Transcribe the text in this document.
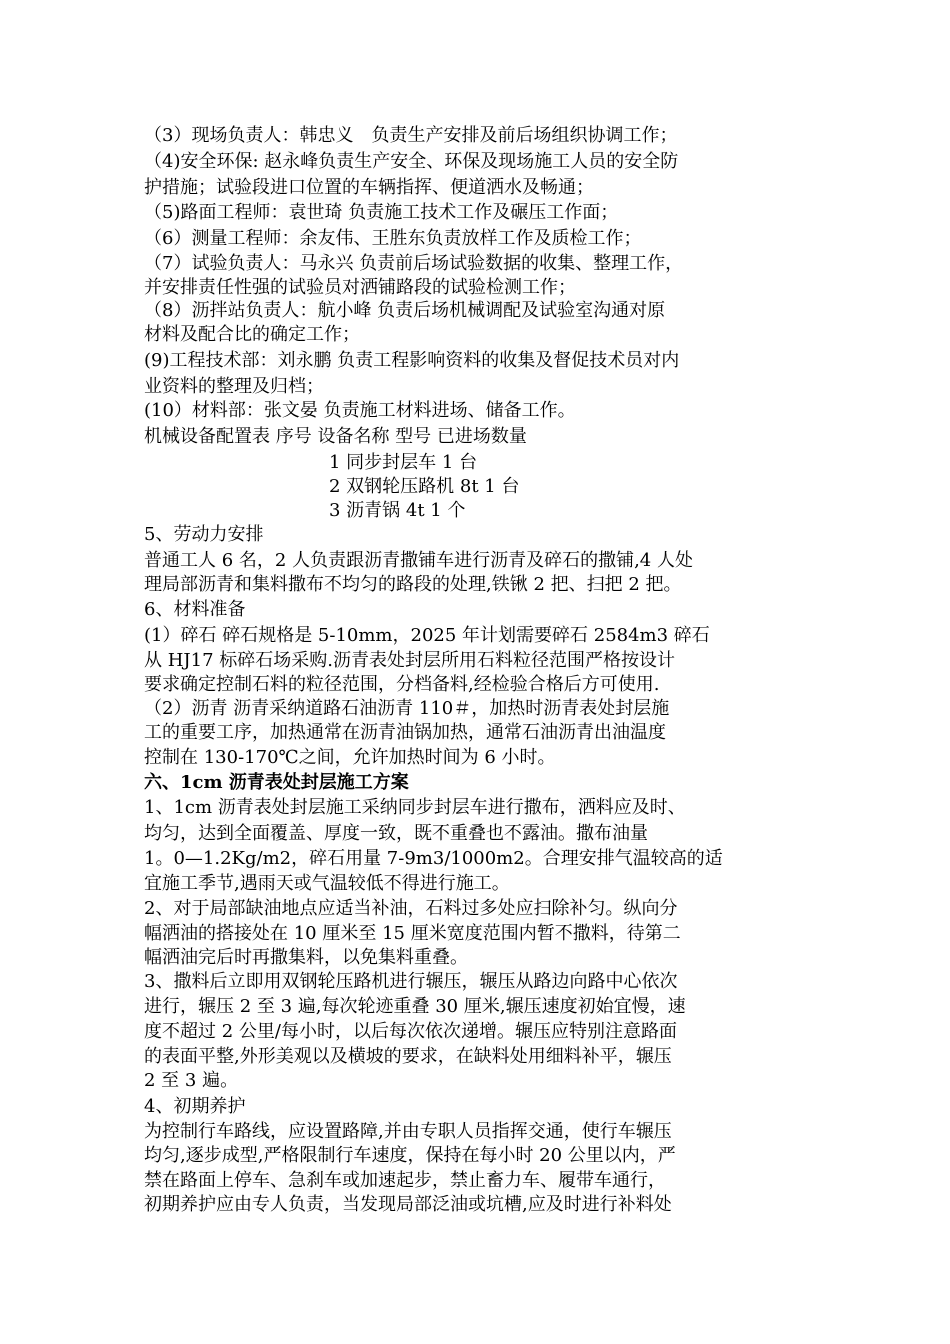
（3）现场负责人：韩忠义　负责生产安排及前后场组织协调工作；
（4)安全环保: 赵永峰负责生产安全、环保及现场施工人员的安全防
护措施；试验段进口位置的车辆指挥、便道洒水及畅通；
（5)路面工程师：袁世琦 负责施工技术工作及碾压工作面；
（6）测量工程师：余友伟、王胜东负责放样工作及质检工作；
（7）试验负责人：马永兴 负责前后场试验数据的收集、整理工作，
并安排责任性强的试验员对洒铺路段的试验检测工作；
（8）沥拌站负责人：航小峰 负责后场机械调配及试验室沟通对原
材料及配合比的确定工作；
(9)工程技术部：刘永鹏 负责工程影响资料的收集及督促技术员对内
业资料的整理及归档；
(10）材料部：张文晏 负责施工材料进场、储备工作。
机械设备配置表 序号 设备名称 型号 已进场数量
1 同步封层车 1 台
2 双钢轮压路机 8t 1 台
3 沥青锅 4t 1 个
5、劳动力安排
普通工人 6 名，2 人负责跟沥青撒铺车进行沥青及碎石的撒铺,4 人处
理局部沥青和集料撒布不均匀的路段的处理,铁锹 2 把、扫把 2 把。
6、材料准备
(1）碎石 碎石规格是 5-10mm，2025 年计划需要碎石 2584m3 碎石
从 HJ17 标碎石场采购.沥青表处封层所用石料粒径范围严格按设计
要求确定控制石料的粒径范围，分档备料,经检验合格后方可使用.
（2）沥青 沥青采纳道路石油沥青 110＃，加热时沥青表处封层施
工的重要工序，加热通常在沥青油锅加热，通常石油沥青出油温度
控制在 130-170℃之间，允许加热时间为 6 小时。
六、1cm 沥青表处封层施工方案
1、1cm 沥青表处封层施工采纳同步封层车进行撒布，洒料应及时、
均匀，达到全面覆盖、厚度一致，既不重叠也不露油。撒布油量
1。0—1.2Kg/m2，碎石用量 7-9m3/1000m2。合理安排气温较高的适
宜施工季节,遇雨天或气温较低不得进行施工。
2、对于局部缺油地点应适当补油，石料过多处应扫除补匀。纵向分
幅洒油的搭接处在 10 厘米至 15 厘米宽度范围内暂不撒料，待第二
幅洒油完后时再撒集料，以免集料重叠。
3、撒料后立即用双钢轮压路机进行辗压，辗压从路边向路中心依次
进行，辗压 2 至 3 遍,每次轮迹重叠 30 厘米,辗压速度初始宜慢，速
度不超过 2 公里/每小时，以后每次依次递增。辗压应特别注意路面
的表面平整,外形美观以及横坡的要求，在缺料处用细料补平，辗压
2 至 3 遍。
4、初期养护
为控制行车路线，应设置路障,并由专职人员指挥交通，使行车辗压
均匀,逐步成型,严格限制行车速度，保持在每小时 20 公里以内，严
禁在路面上停车、急刹车或加速起步，禁止畜力车、履带车通行，
初期养护应由专人负责，当发现局部泛油或坑槽,应及时进行补料处
